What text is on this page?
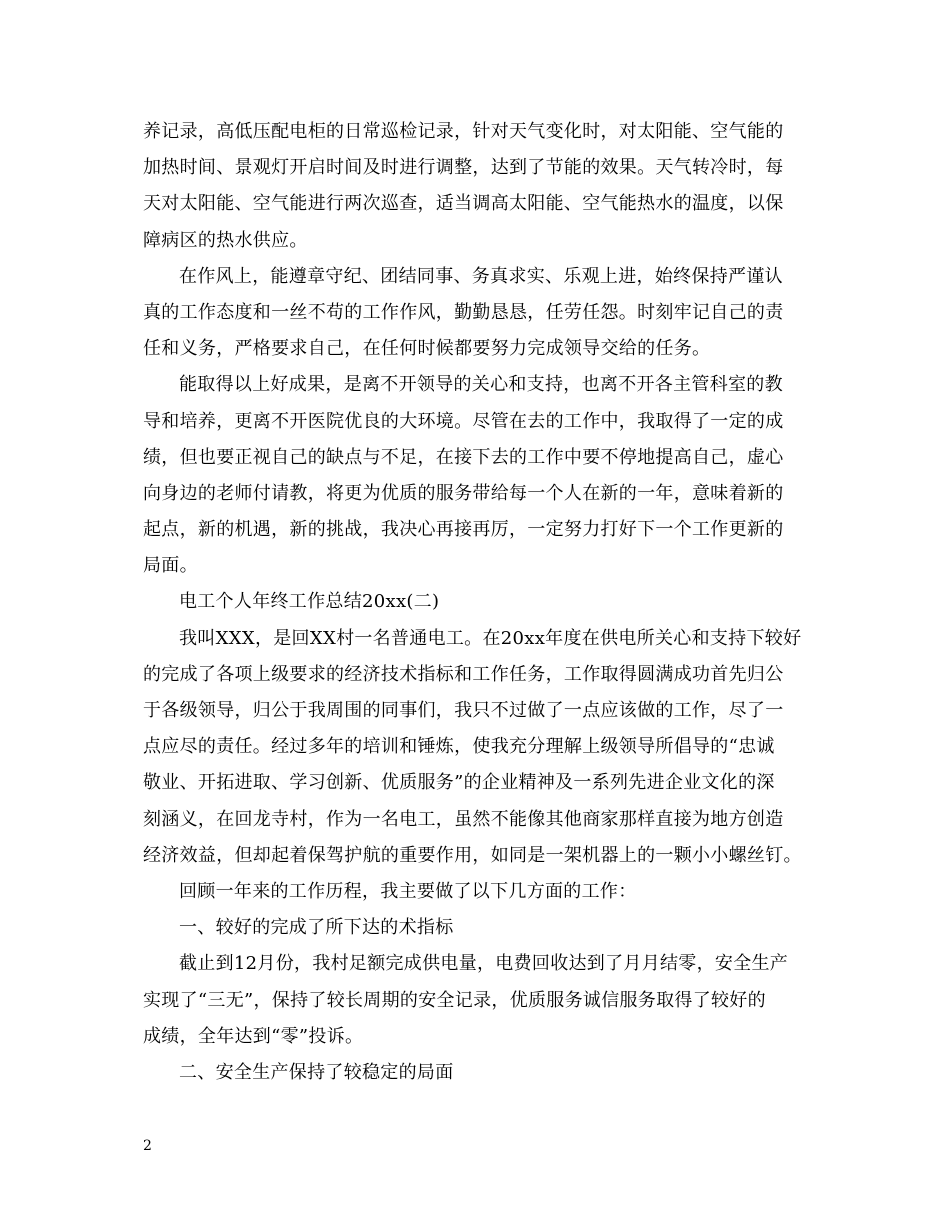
养记录，高低压配电柜的日常巡检记录，针对天气变化时，对太阳能、空气能的
加热时间、景观灯开启时间及时进行调整，达到了节能的效果。天气转冷时，每
天对太阳能、空气能进行两次巡查，适当调高太阳能、空气能热水的温度，以保
障病区的热水供应。
在作风上，能遵章守纪、团结同事、务真求实、乐观上进，始终保持严谨认
真的工作态度和一丝不苟的工作作风，勤勤恳恳，任劳任怨。时刻牢记自己的责
任和义务，严格要求自己，在任何时候都要努力完成领导交给的任务。
能取得以上好成果，是离不开领导的关心和支持，也离不开各主管科室的教
导和培养，更离不开医院优良的大环境。尽管在去的工作中，我取得了一定的成
绩，但也要正视自己的缺点与不足，在接下去的工作中要不停地提高自己，虚心
向身边的老师付请教，将更为优质的服务带给每一个人在新的一年，意味着新的
起点，新的机遇，新的挑战，我决心再接再厉，一定努力打好下一个工作更新的
局面。
电工个人年终工作总结20xx(二)
我叫XXX，是回XX村一名普通电工。在20xx年度在供电所关心和支持下较好
的完成了各项上级要求的经济技术指标和工作任务，工作取得圆满成功首先归公
于各级领导，归公于我周围的同事们，我只不过做了一点应该做的工作，尽了一
点应尽的责任。经过多年的培训和锤炼，使我充分理解上级领导所倡导的“忠诚
敬业、开拓进取、学习创新、优质服务”的企业精神及一系列先进企业文化的深
刻涵义，在回龙寺村，作为一名电工，虽然不能像其他商家那样直接为地方创造
经济效益，但却起着保驾护航的重要作用，如同是一架机器上的一颗小小螺丝钉。
回顾一年来的工作历程，我主要做了以下几方面的工作：
一、较好的完成了所下达的术指标
截止到12月份，我村足额完成供电量，电费回收达到了月月结零，安全生产
实现了“三无”，保持了较长周期的安全记录，优质服务诚信服务取得了较好的
成绩，全年达到“零”投诉。
二、安全生产保持了较稳定的局面
2
